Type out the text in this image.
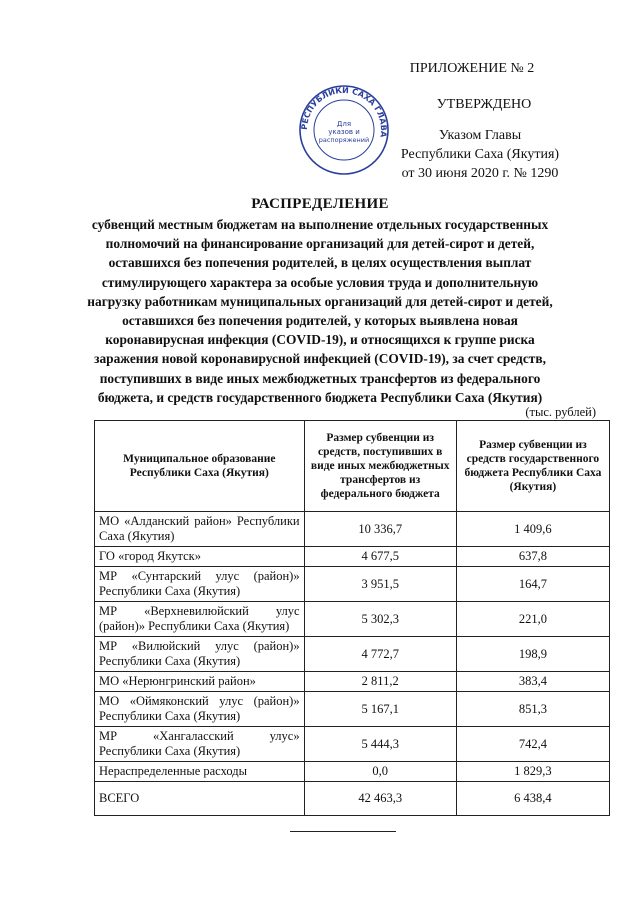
ПРИЛОЖЕНИЕ № 2
УТВЕРЖДЕНО
Указом Главы
Республики Саха (Якутия)
от 30 июня 2020 г. № 1290
РЕСПУБЛИКИ САХА ГЛАВА
Для
указов и
распоряжений
РАСПРЕДЕЛЕНИЕ
субвенций местным бюджетам на выполнение отдельных государственных полномочий на финансирование организаций для детей-сирот и детей, оставшихся без попечения родителей, в целях осуществления выплат стимулирующего характера за особые условия труда и дополнительную нагрузку работникам муниципальных организаций для детей-сирот и детей, оставшихся без попечения родителей, у которых выявлена новая коронавирусная инфекция (COVID-19), и относящихся к группе риска заражения новой коронавирусной инфекцией (COVID-19), за счет средств, поступивших в виде иных межбюджетных трансфертов из федерального бюджета, и средств государственного бюджета Республики Саха (Якутия)
(тыс. рублей)
Муниципальное образование Республики Саха (Якутия)	Размер субвенции из средств, поступивших в виде иных межбюджетных трансфертов из федерального бюджета	Размер субвенции из средств государственного бюджета Республики Саха (Якутия)
МО «Алданский район» Республики Саха (Якутия)	10 336,7	1 409,6
ГО «город Якутск»	4 677,5	637,8
МР «Сунтарский улус (район)» Республики Саха (Якутия)	3 951,5	164,7
МР «Верхневилюйский улус (район)» Республики Саха (Якутия)	5 302,3	221,0
МР «Вилюйский улус (район)» Республики Саха (Якутия)	4 772,7	198,9
МО «Нерюнгринский район»	2 811,2	383,4
МО «Оймяконский улус (район)» Республики Саха (Якутия)	5 167,1	851,3
МР «Хангаласский улус» Республики Саха (Якутия)	5 444,3	742,4
Нераспределенные расходы	0,0	1 829,3
ВСЕГО	42 463,3	6 438,4
